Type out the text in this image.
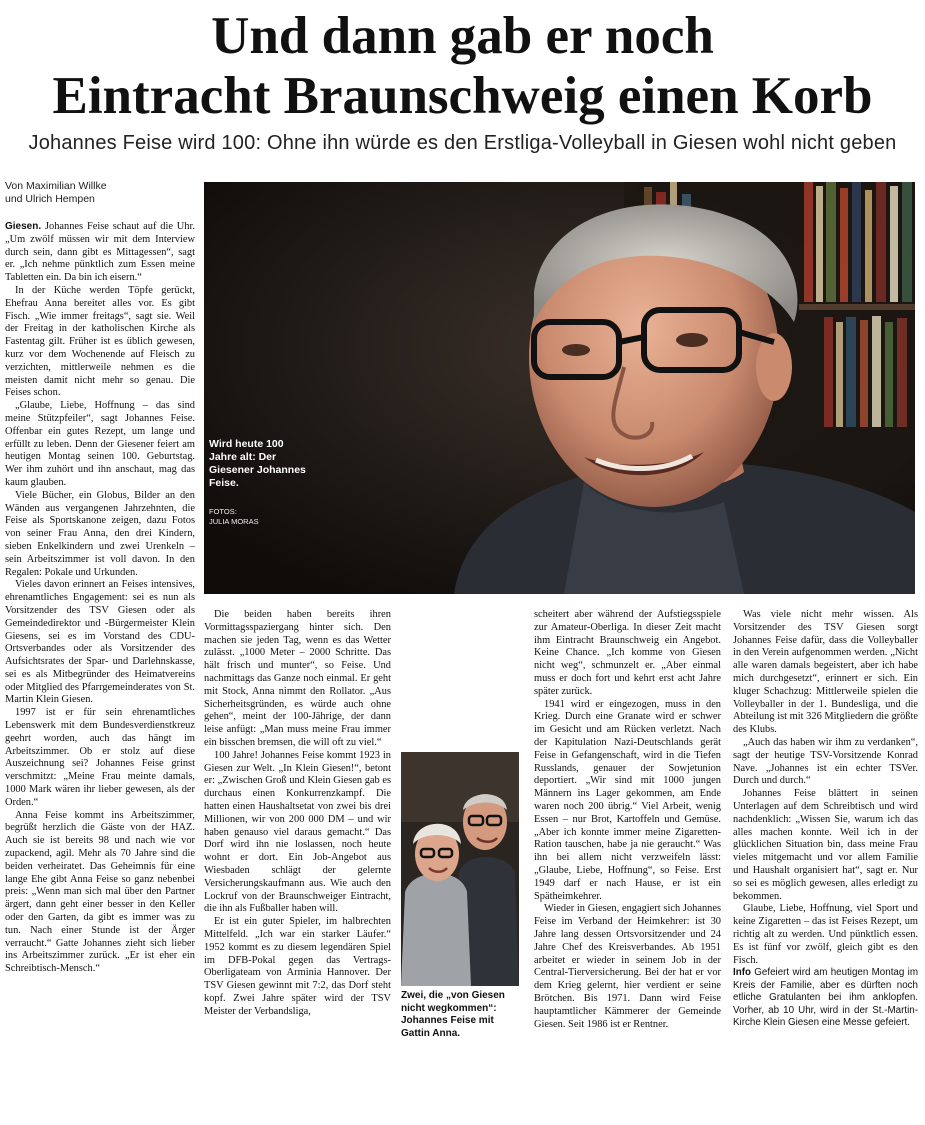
Und dann gab er noch
Eintracht Braunschweig einen Korb
Johannes Feise wird 100: Ohne ihn würde es den Erstliga-Volleyball in Giesen wohl nicht geben
Von Maximilian Willke
und Ulrich Hempen

Giesen. Johannes Feise schaut auf die Uhr. „Um zwölf müssen wir mit dem Interview durch sein, dann gibt es Mittagessen“, sagt er. „Ich nehme pünktlich zum Essen meine Tabletten ein. Da bin ich eisern.“

In der Küche werden Töpfe gerückt, Ehefrau Anna bereitet alles vor. Es gibt Fisch. „Wie immer freitags“, sagt sie. Weil der Freitag in der katholischen Kirche als Fastentag gilt. Früher ist es üblich gewesen, kurz vor dem Wochenende auf Fleisch zu verzichten, mittlerweile nehmen es die meisten damit nicht mehr so genau. Die Feises schon.

„Glaube, Liebe, Hoffnung – das sind meine Stützpfeiler“, sagt Johannes Feise. Offenbar ein gutes Rezept, um lange und erfüllt zu leben. Denn der Giesener feiert am heutigen Montag seinen 100. Geburtstag. Wer ihm zuhört und ihn anschaut, mag das kaum glauben.

Viele Bücher, ein Globus, Bilder an den Wänden aus vergangenen Jahrzehnten, die Feise als Sportskanone zeigen, dazu Fotos von seiner Frau Anna, den drei Kindern, sieben Enkelkindern und zwei Urenkeln – sein Arbeitszimmer ist voll davon. In den Regalen: Pokale und Urkunden.

Vieles davon erinnert an Feises intensives, ehrenamtliches Engagement: sei es nun als Vorsitzender des TSV Giesen oder als Gemeindedirektor und -Bürgermeister Klein Giesens, sei es im Vorstand des CDU-Ortsverbandes oder als Vorsitzender des Aufsichtsrates der Spar- und Darlehnskasse, sei es als Mitbegründer des Heimatvereins oder Mitglied des Pfarrgemeinderates von St. Martin Klein Giesen.

1997 ist er für sein ehrenamtliches Lebenswerk mit dem Bundesverdienstkreuz geehrt worden, auch das hängt im Arbeitszimmer. Ob er stolz auf diese Auszeichnung sei? Johannes Feise grinst verschmitzt: „Meine Frau meinte damals, 1000 Mark wären ihr lieber gewesen, als der Orden.“

Anna Feise kommt ins Arbeitszimmer, begrüßt herzlich die Gäste von der HAZ. Auch sie ist bereits 98 und nach wie vor zupackend, agil. Mehr als 70 Jahre sind die beiden verheiratet. Das Geheimnis für eine lange Ehe gibt Anna Feise so ganz nebenbei preis: „Wenn man sich mal über den Partner ärgert, dann geht einer besser in den Keller oder den Garten, da gibt es immer was zu tun. Nach einer Stunde ist der Ärger verraucht.“ Gatte Johannes zieht sich lieber ins Arbeitszimmer zurück. „Er ist eher ein Schreibtisch-Mensch.“

Wird heute 100 Jahre alt: Der Giesener Johannes Feise.
FOTOS:
JULIA MORAS

Die beiden haben bereits ihren Vormittagsspaziergang hinter sich. Den machen sie jeden Tag, wenn es das Wetter zulässt. „1000 Meter – 2000 Schritte. Das hält frisch und munter“, so Feise. Und nachmittags das Ganze noch einmal. Er geht mit Stock, Anna nimmt den Rollator. „Aus Sicherheitsgründen, es würde auch ohne gehen“, meint der 100-Jährige, der dann leise anfügt: „Man muss meine Frau immer ein bisschen bremsen, die will oft zu viel.“

100 Jahre! Johannes Feise kommt 1923 in Giesen zur Welt. „In Klein Giesen!“, betont er: „Zwischen Groß und Klein Giesen gab es durchaus einen Konkurrenzkampf. Die hatten einen Haushaltsetat von zwei bis drei Millionen, wir von 200 000 DM – und wir haben genauso viel daraus gemacht.“ Das Dorf wird ihn nie loslassen, noch heute wohnt er dort. Ein Job-Angebot aus Wiesbaden schlägt der gelernte Versicherungskaufmann aus. Wie auch den Lockruf von der Braunschweiger Eintracht, die ihn als Fußballer haben will.

Er ist ein guter Spieler, im halbrechten Mittelfeld. „Ich war ein starker Läufer.“ 1952 kommt es zu diesem legendären Spiel im DFB-Pokal gegen das Vertrags-Oberligateam von Arminia Hannover. Der TSV Giesen gewinnt mit 7:2, das Dorf steht kopf. Zwei Jahre später wird der TSV Meister der Verbandsliga,

scheitert aber während der Aufstiegsspiele zur Amateur-Oberliga. In dieser Zeit macht ihm Eintracht Braunschweig ein Angebot. Keine Chance. „Ich komme von Giesen nicht weg“, schmunzelt er. „Aber einmal muss er doch fort und kehrt erst acht Jahre später zurück.

1941 wird er eingezogen, muss in den Krieg. Durch eine Granate wird er schwer im Gesicht und am Rücken verletzt. Nach der Kapitulation Nazi-Deutschlands gerät Feise in Gefangenschaft, wird in die Tiefen Russlands, genauer der Sowjetunion deportiert. „Wir sind mit 1000 jungen Männern ins Lager gekommen, am Ende waren noch 200 übrig.“ Viel Arbeit, wenig Essen – nur Brot, Kartoffeln und Gemüse. „Aber ich konnte immer meine Zigaretten-Ration tauschen, habe ja nie geraucht.“ Was ihn bei allem nicht verzweifeln lässt: „Glaube, Liebe, Hoffnung“, so Feise. Erst 1949 darf er nach Hause, er ist ein Spätheimkehrer.

Wieder in Giesen, engagiert sich Johannes Feise im Verband der Heimkehrer: ist 30 Jahre lang dessen Ortsvorsitzender und 24 Jahre Chef des Kreisverbandes. Ab 1951 arbeitet er wieder in seinem Job in der Central-Tierversicherung. Bei der hat er vor dem Krieg gelernt, hier verdient er seine Brötchen. Bis 1971. Dann wird Feise hauptamtlicher Kämmerer der Gemeinde Giesen. Seit 1986 ist er Rentner.

Zwei, die „von Giesen nicht wegkommen“: Johannes Feise mit Gattin Anna.

Was viele nicht mehr wissen. Als Vorsitzender des TSV Giesen sorgt Johannes Feise dafür, dass die Volleyballer in den Verein aufgenommen werden. „Nicht alle waren damals begeistert, aber ich habe mich durchgesetzt“, erinnert er sich. Ein kluger Schachzug: Mittlerweile spielen die Volleyballer in der 1. Bundesliga, und die Abteilung ist mit 326 Mitgliedern die größte des Klubs.

„Auch das haben wir ihm zu verdanken“, sagt der heutige TSV-Vorsitzende Konrad Nave. „Johannes ist ein echter TSVer. Durch und durch.“

Johannes Feise blättert in seinen Unterlagen auf dem Schreibtisch und wird nachdenklich: „Wissen Sie, warum ich das alles machen konnte. Weil ich in der glücklichen Situation bin, dass meine Frau vieles mitgemacht und vor allem Familie und Haushalt organisiert hat“, sagt er. Nur so sei es möglich gewesen, alles erledigt zu bekommen.

Glaube, Liebe, Hoffnung, viel Sport und keine Zigaretten – das ist Feises Rezept, um richtig alt zu werden. Und pünktlich essen. Es ist fünf vor zwölf, gleich gibt es den Fisch.

Info Gefeiert wird am heutigen Montag im Kreis der Familie, aber es dürften noch etliche Gratulanten bei ihm anklopfen. Vorher, ab 10 Uhr, wird in der St.-Martin-Kirche Klein Giesen eine Messe gefeiert.
